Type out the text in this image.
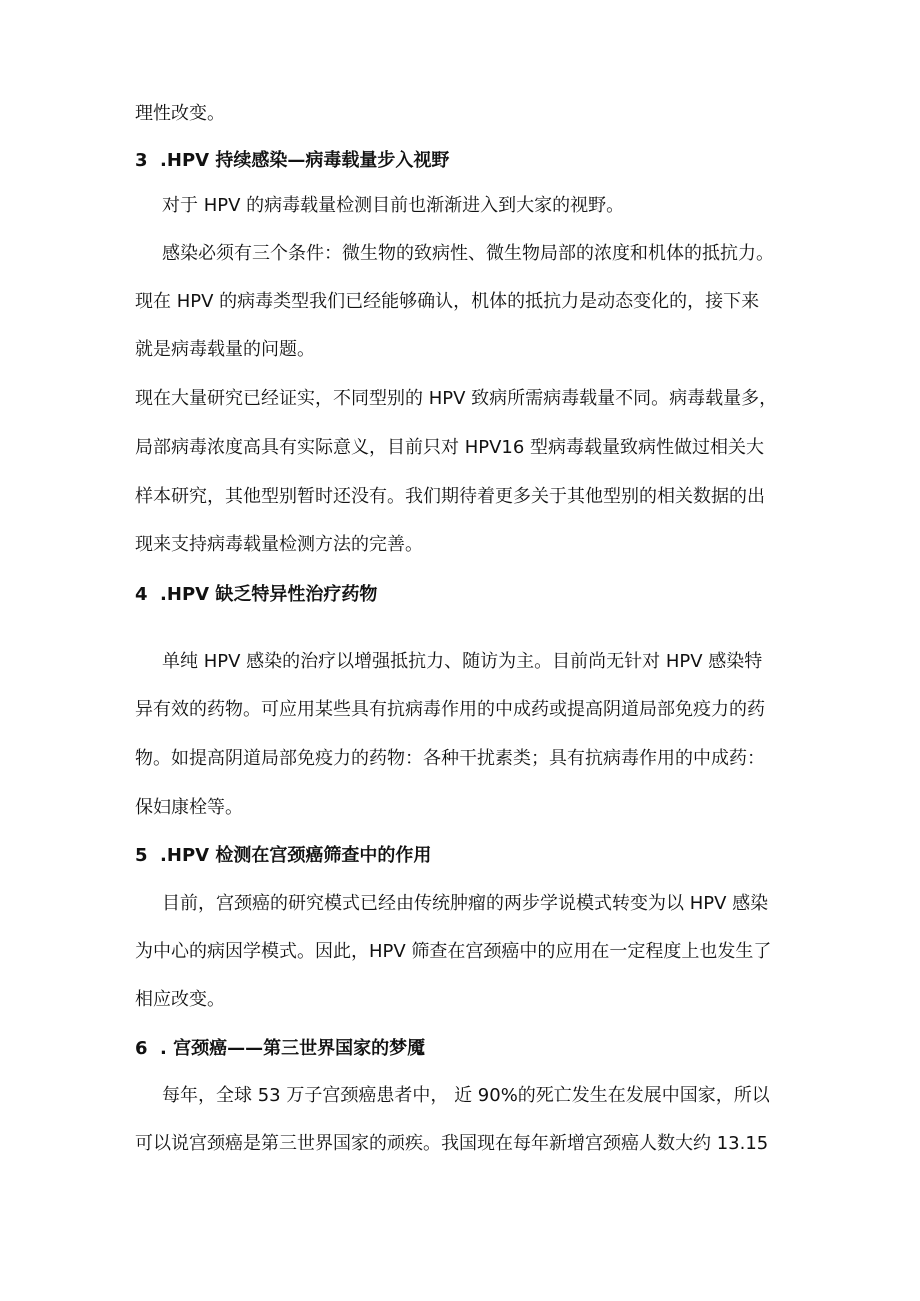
理性改变。
3  .HPV 持续感染—病毒载量步入视野
对于 HPV 的病毒载量检测目前也渐渐进入到大家的视野。
感染必须有三个条件：微生物的致病性、微生物局部的浓度和机体的抵抗力。
现在 HPV 的病毒类型我们已经能够确认，机体的抵抗力是动态变化的，接下来
就是病毒载量的问题。
现在大量研究已经证实，不同型别的 HPV 致病所需病毒载量不同。病毒载量多，
局部病毒浓度高具有实际意义，目前只对 HPV16 型病毒载量致病性做过相关大
样本研究，其他型别暂时还没有。我们期待着更多关于其他型别的相关数据的出
现来支持病毒载量检测方法的完善。
4  .HPV 缺乏特异性治疗药物
单纯 HPV 感染的治疗以增强抵抗力、随访为主。目前尚无针对 HPV 感染特
异有效的药物。可应用某些具有抗病毒作用的中成药或提高阴道局部免疫力的药
物。如提高阴道局部免疫力的药物：各种干扰素类；具有抗病毒作用的中成药：
保妇康栓等。
5  .HPV 检测在宫颈癌筛查中的作用
目前，宫颈癌的研究模式已经由传统肿瘤的两步学说模式转变为以 HPV 感染
为中心的病因学模式。因此，HPV 筛查在宫颈癌中的应用在一定程度上也发生了
相应改变。
6  . 宫颈癌——第三世界国家的梦魇
每年，全球 53 万子宫颈癌患者中， 近 90%的死亡发生在发展中国家，所以
可以说宫颈癌是第三世界国家的顽疾。我国现在每年新增宫颈癌人数大约 13.15
